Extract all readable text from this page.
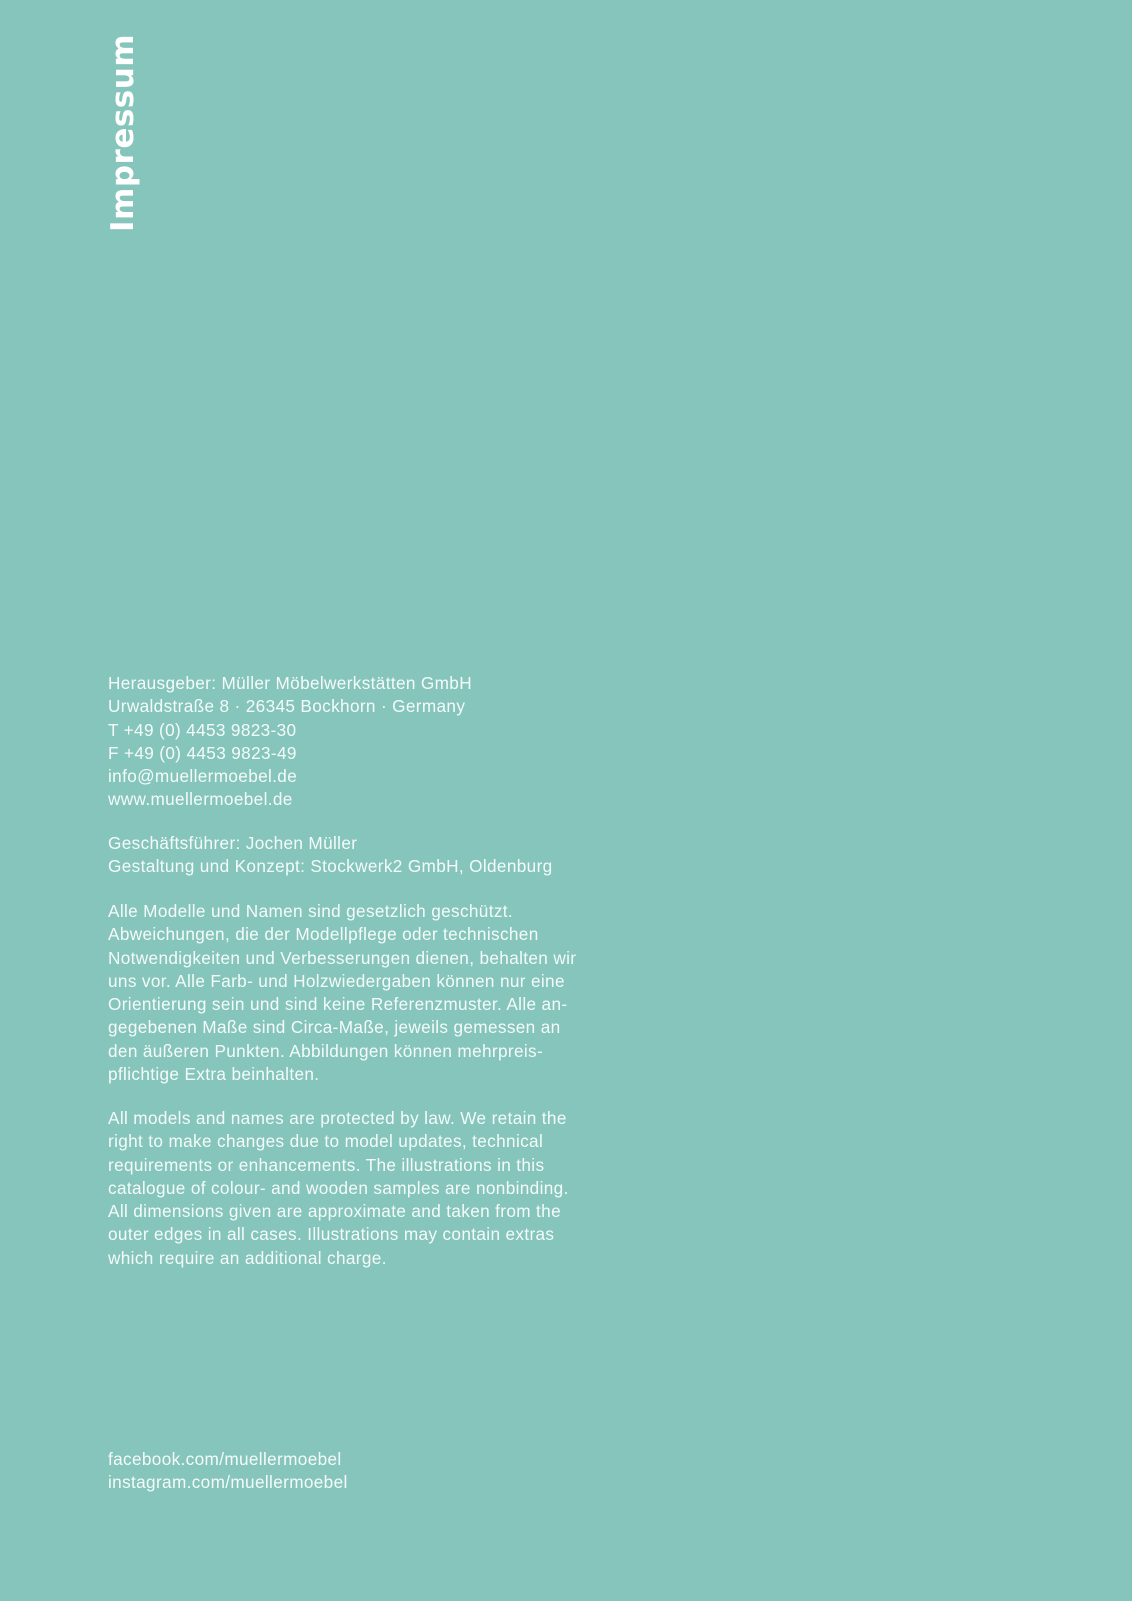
Impressum
Herausgeber: Müller Möbelwerkstätten GmbH
Urwaldstraße 8 · 26345 Bockhorn · Germany
T +49 (0) 4453 9823-30
F +49 (0) 4453 9823-49
info@muellermoebel.de
www.muellermoebel.de
Geschäftsführer: Jochen Müller
Gestaltung und Konzept: Stockwerk2 GmbH, Oldenburg
Alle Modelle und Namen sind gesetzlich geschützt.
Abweichungen, die der Modellpflege oder technischen
Notwendigkeiten und Verbesserungen dienen, behalten wir
uns vor. Alle Farb- und Holzwiedergaben können nur eine
Orientierung sein und sind keine Referenzmuster. Alle an-
gegebenen Maße sind Circa-Maße, jeweils gemessen an
den äußeren Punkten. Abbildungen können mehrpreis-
pflichtige Extra beinhalten.
All models and names are protected by law. We retain the
right to make changes due to model updates, technical
requirements or enhancements. The illustrations in this
catalogue of colour- and wooden samples are nonbinding.
All dimensions given are approximate and taken from the
outer edges in all cases. Illustrations may contain extras
which require an additional charge.
facebook.com/muellermoebel
instagram.com/muellermoebel
